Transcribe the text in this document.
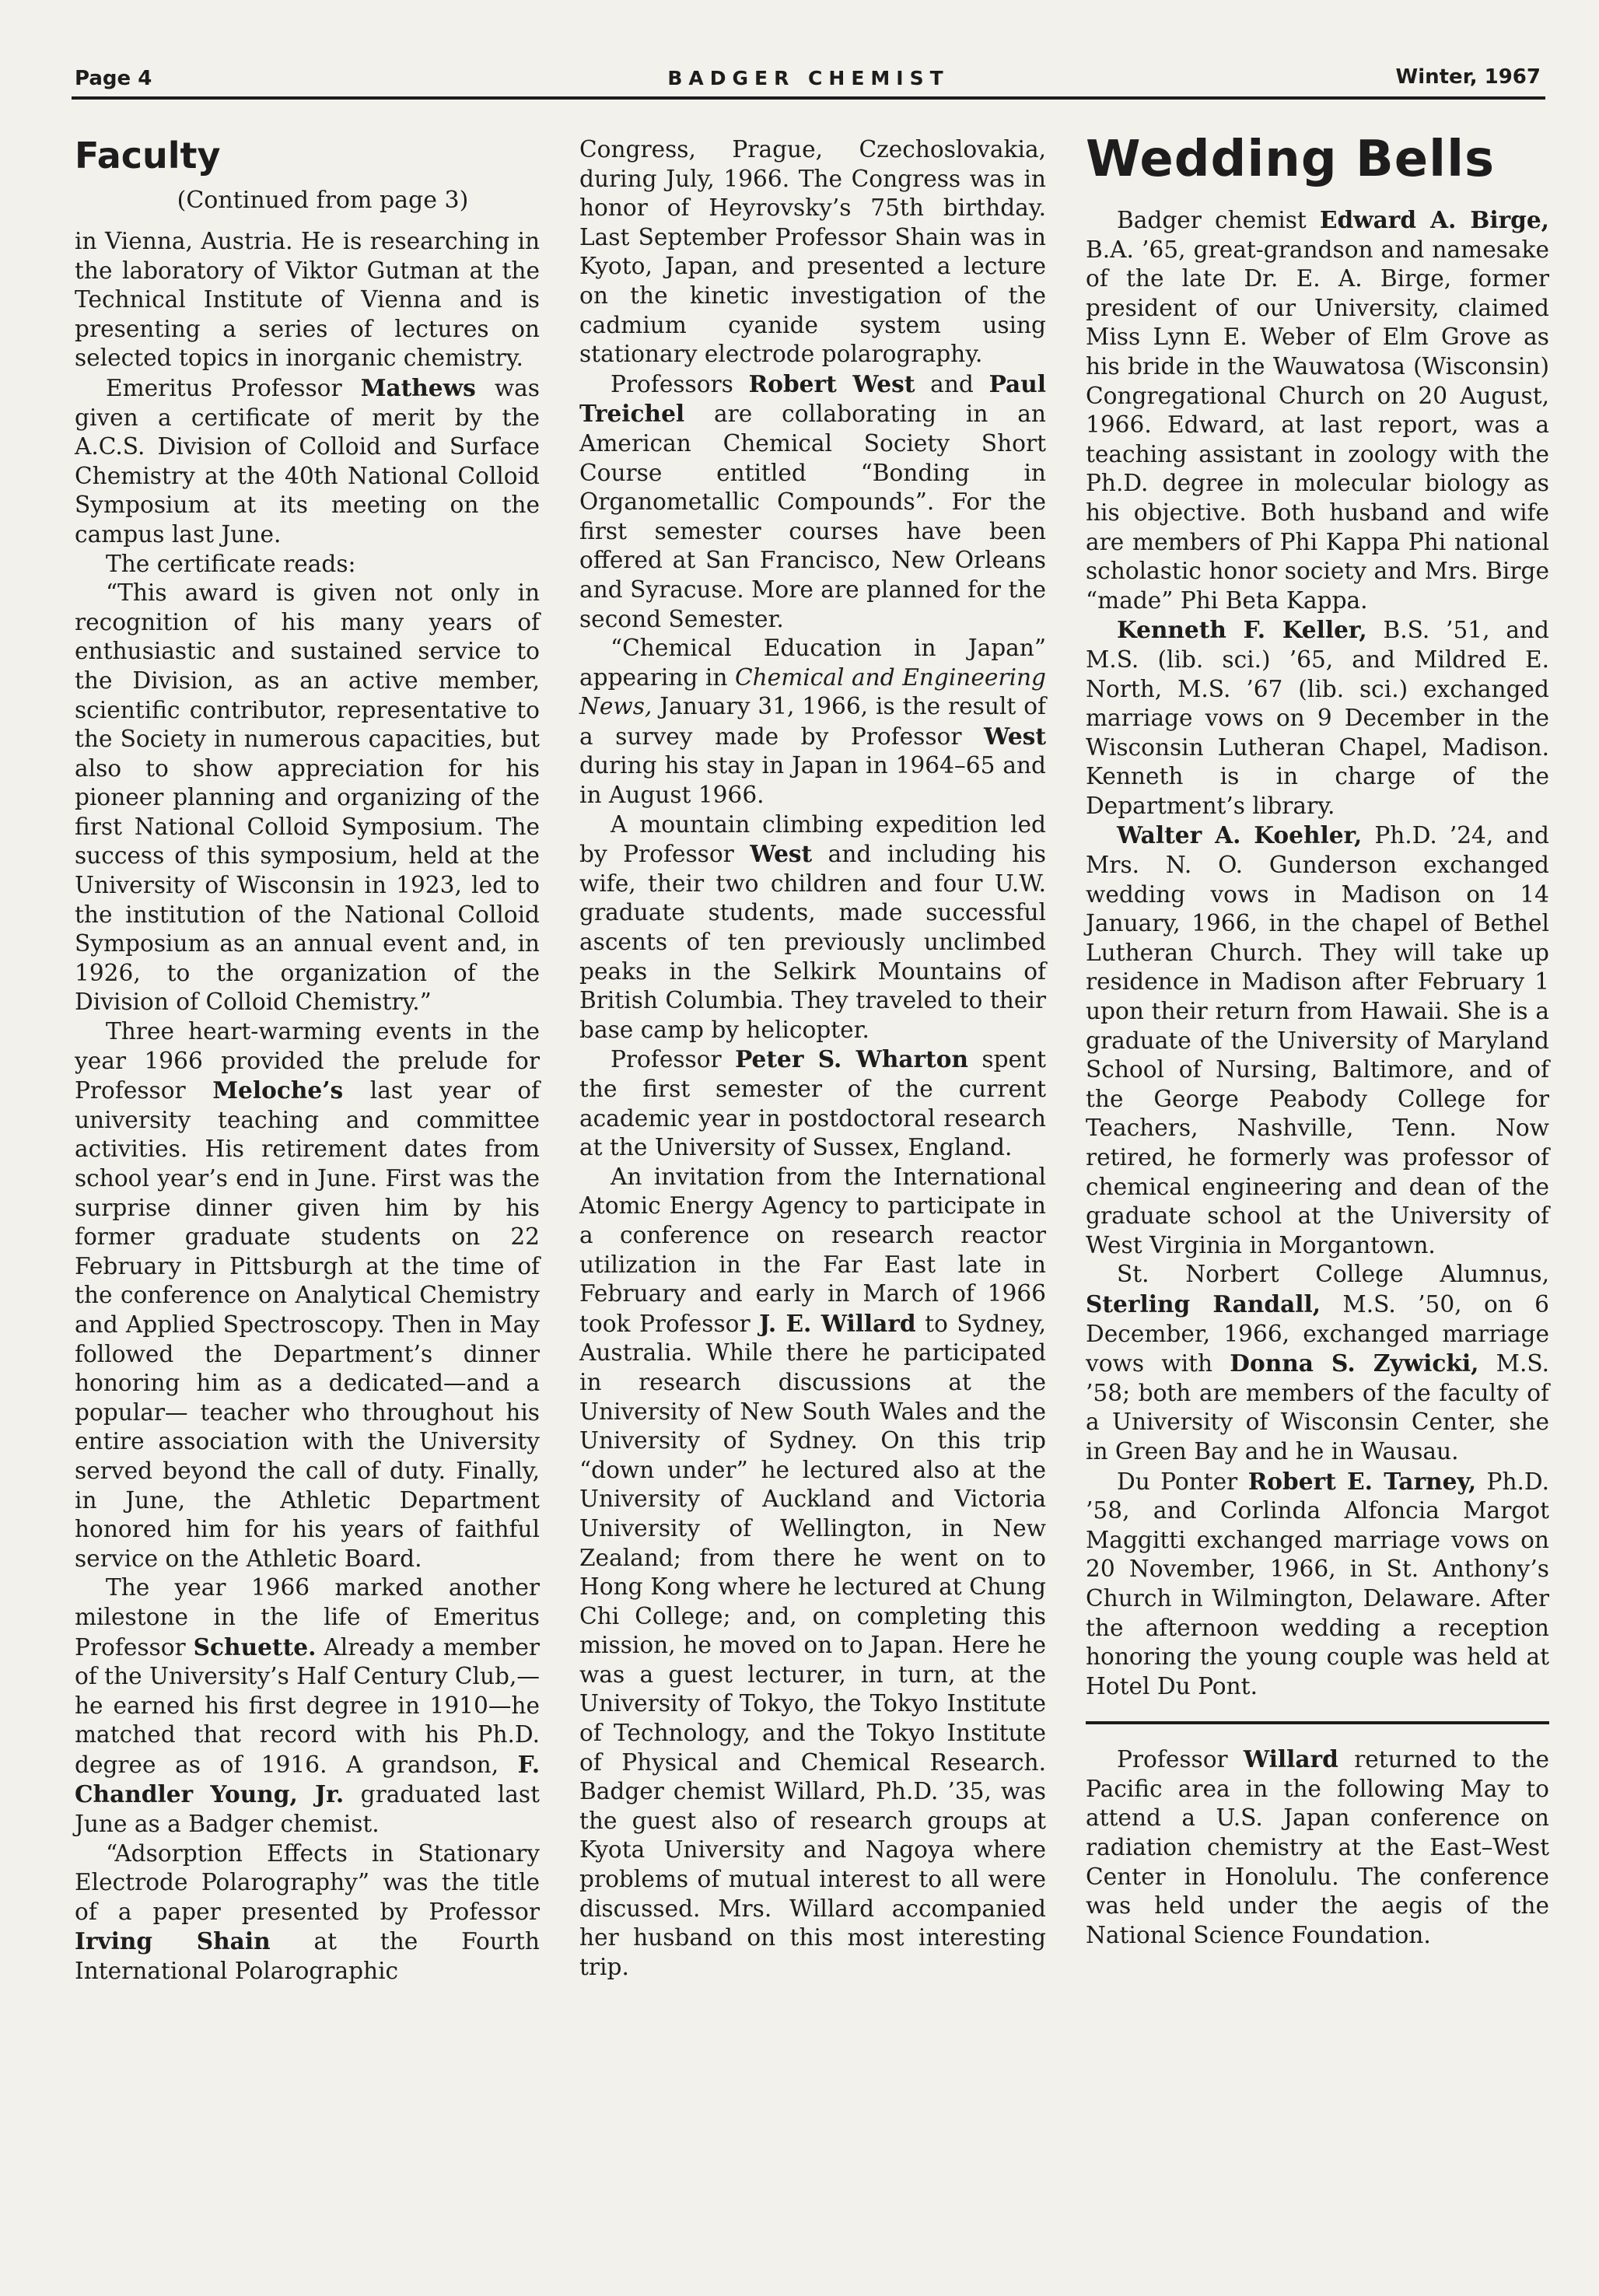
Page 4	BADGER CHEMIST	Winter, 1967
Faculty
(Continued from page 3)

in Vienna, Austria. He is researching in the laboratory of Viktor Gutman at the Technical Institute of Vienna and is presenting a series of lectures on selected topics in inorganic chemistry.

Emeritus Professor Mathews was given a certificate of merit by the A.C.S. Division of Colloid and Surface Chemistry at the 40th National Colloid Symposium at its meeting on the campus last June.

The certificate reads:

“This award is given not only in recognition of his many years of enthusiastic and sustained service to the Division, as an active member, scientific contributor, representative to the Society in numerous capacities, but also to show appreciation for his pioneer planning and organizing of the first National Colloid Symposium. The success of this symposium, held at the University of Wisconsin in 1923, led to the institution of the National Colloid Symposium as an annual event and, in 1926, to the organization of the Division of Colloid Chemistry.”

Three heart-warming events in the year 1966 provided the prelude for Professor Meloche’s last year of university teaching and committee activities. His retirement dates from school year’s end in June. First was the surprise dinner given him by his former graduate students on 22 February in Pittsburgh at the time of the conference on Analytical Chemistry and Applied Spectroscopy. Then in May followed the Department’s dinner honoring him as a dedicated—and a popular— teacher who throughout his entire association with the University served beyond the call of duty. Finally, in June, the Athletic Department honored him for his years of faithful service on the Athletic Board.

The year 1966 marked another milestone in the life of Emeritus Professor Schuette. Already a member of the University’s Half Century Club,—he earned his first degree in 1910—he matched that record with his Ph.D. degree as of 1916. A grandson, F. Chandler Young, Jr. graduated last June as a Badger chemist.

“Adsorption Effects in Stationary Electrode Polarography” was the title of a paper presented by Professor Irving Shain at the Fourth International Polarographic

Congress, Prague, Czechoslovakia, during July, 1966. The Congress was in honor of Heyrovsky’s 75th birthday. Last September Professor Shain was in Kyoto, Japan, and presented a lecture on the kinetic investigation of the cadmium cyanide system using stationary electrode polarography.

Professors Robert West and Paul Treichel are collaborating in an American Chemical Society Short Course entitled “Bonding in Organometallic Compounds”. For the first semester courses have been offered at San Francisco, New Orleans and Syracuse. More are planned for the second Semester.

“Chemical Education in Japan” appearing in Chemical and Engineering News, January 31, 1966, is the result of a survey made by Professor West during his stay in Japan in 1964–65 and in August 1966.

A mountain climbing expedition led by Professor West and including his wife, their two children and four U.W. graduate students, made successful ascents of ten previously unclimbed peaks in the Selkirk Mountains of British Columbia. They traveled to their base camp by helicopter.

Professor Peter S. Wharton spent the first semester of the current academic year in postdoctoral research at the University of Sussex, England.

An invitation from the International Atomic Energy Agency to participate in a conference on research reactor utilization in the Far East late in February and early in March of 1966 took Professor J. E. Willard to Sydney, Australia. While there he participated in research discussions at the University of New South Wales and the University of Sydney. On this trip “down under” he lectured also at the University of Auckland and Victoria University of Wellington, in New Zealand; from there he went on to Hong Kong where he lectured at Chung Chi College; and, on completing this mission, he moved on to Japan. Here he was a guest lecturer, in turn, at the University of Tokyo, the Tokyo Institute of Technology, and the Tokyo Institute of Physical and Chemical Research. Badger chemist Willard, Ph.D. ’35, was the guest also of research groups at Kyota University and Nagoya where problems of mutual interest to all were discussed. Mrs. Willard accompanied her husband on this most interesting trip.

Wedding Bells

Badger chemist Edward A. Birge, B.A. ’65, great-grandson and namesake of the late Dr. E. A. Birge, former president of our University, claimed Miss Lynn E. Weber of Elm Grove as his bride in the Wauwatosa (Wisconsin) Congregational Church on 20 August, 1966. Edward, at last report, was a teaching assistant in zoology with the Ph.D. degree in molecular biology as his objective. Both husband and wife are members of Phi Kappa Phi national scholastic honor society and Mrs. Birge “made” Phi Beta Kappa.

Kenneth F. Keller, B.S. ’51, and M.S. (lib. sci.) ’65, and Mildred E. North, M.S. ’67 (lib. sci.) exchanged marriage vows on 9 December in the Wisconsin Lutheran Chapel, Madison. Kenneth is in charge of the Department’s library.

Walter A. Koehler, Ph.D. ’24, and Mrs. N. O. Gunderson exchanged wedding vows in Madison on 14 January, 1966, in the chapel of Bethel Lutheran Church. They will take up residence in Madison after February 1 upon their return from Hawaii. She is a graduate of the University of Maryland School of Nursing, Baltimore, and of the George Peabody College for Teachers, Nashville, Tenn. Now retired, he formerly was professor of chemical engineering and dean of the graduate school at the University of West Virginia in Morgantown.

St. Norbert College Alumnus, Sterling Randall, M.S. ’50, on 6 December, 1966, exchanged marriage vows with Donna S. Zywicki, M.S. ’58; both are members of the faculty of a University of Wisconsin Center, she in Green Bay and he in Wausau.

Du Ponter Robert E. Tarney, Ph.D. ’58, and Corlinda Alfoncia Margot Maggitti exchanged marriage vows on 20 November, 1966, in St. Anthony’s Church in Wilmington, Delaware. After the afternoon wedding a reception honoring the young couple was held at Hotel Du Pont.

Professor Willard returned to the Pacific area in the following May to attend a U.S. Japan conference on radiation chemistry at the East–West Center in Honolulu. The conference was held under the aegis of the National Science Foundation.
